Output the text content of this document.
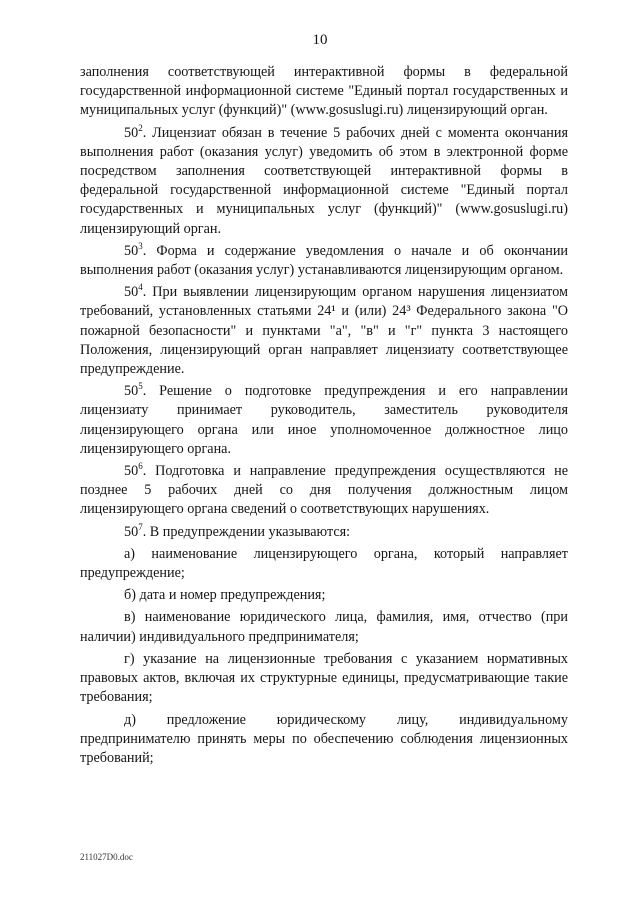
10

заполнения соответствующей интерактивной формы в федеральной государственной информационной системе "Единый портал государственных и муниципальных услуг (функций)" (www.gosuslugi.ru) лицензирующий орган.

$50^2$. Лицензиат обязан в течение 5 рабочих дней с момента окончания выполнения работ (оказания услуг) уведомить об этом в электронной форме посредством заполнения соответствующей интерактивной формы в федеральной государственной информационной системе "Единый портал государственных и муниципальных услуг (функций)" (www.gosuslugi.ru) лицензирующий орган.

$50^3$. Форма и содержание уведомления о начале и об окончании выполнения работ (оказания услуг) устанавливаются лицензирующим органом.

$50^4$. При выявлении лицензирующим органом нарушения лицензиатом требований, установленных статьями 24¹ и (или) 24³ Федерального закона "О пожарной безопасности" и пунктами "а", "в" и "г" пункта 3 настоящего Положения, лицензирующий орган направляет лицензиату соответствующее предупреждение.

$50^5$. Решение о подготовке предупреждения и его направлении лицензиату принимает руководитель, заместитель руководителя лицензирующего органа или иное уполномоченное должностное лицо лицензирующего органа.

$50^6$. Подготовка и направление предупреждения осуществляются не позднее 5 рабочих дней со дня получения должностным лицом лицензирующего органа сведений о соответствующих нарушениях.

$50^7$. В предупреждении указываются:

а) наименование лицензирующего органа, который направляет предупреждение;

б) дата и номер предупреждения;

в) наименование юридического лица, фамилия, имя, отчество (при наличии) индивидуального предпринимателя;

г) указание на лицензионные требования с указанием нормативных правовых актов, включая их структурные единицы, предусматривающие такие требования;

д) предложение юридическому лицу, индивидуальному предпринимателю принять меры по обеспечению соблюдения лицензионных требований;

211027D0.doc
